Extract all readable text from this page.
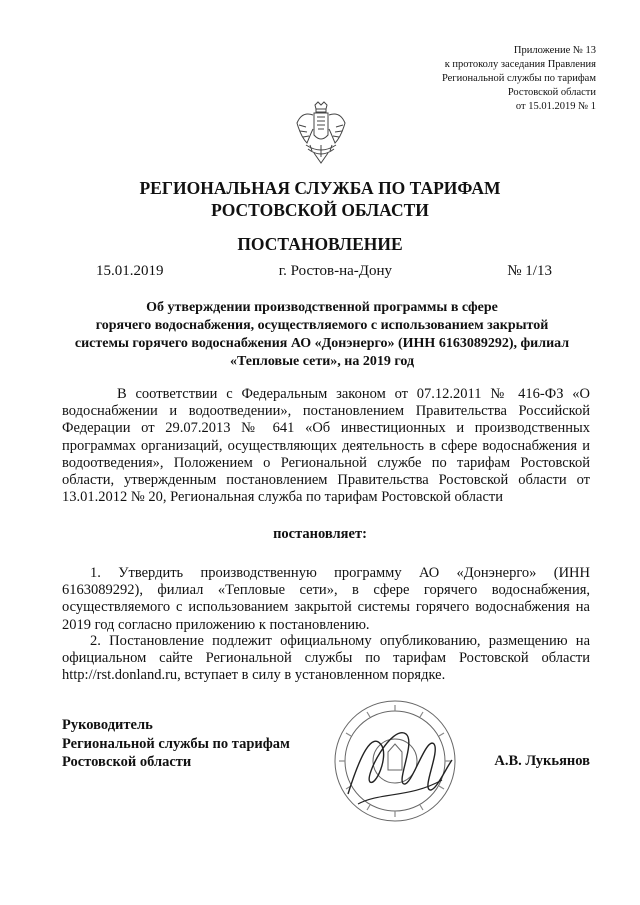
Приложение № 13
к протоколу заседания Правления
Региональной службы по тарифам
Ростовской области
от 15.01.2019 № 1
РЕГИОНАЛЬНАЯ СЛУЖБА ПО ТАРИФАМ
РОСТОВСКОЙ ОБЛАСТИ
ПОСТАНОВЛЕНИЕ
15.01.2019	г. Ростов-на-Дону	№ 1/13
Об утверждении производственной программы в сфере
горячего водоснабжения, осуществляемого с использованием закрытой
системы горячего водоснабжения АО «Донэнерго» (ИНН 6163089292), филиал
«Тепловые сети», на 2019 год
В соответствии с Федеральным законом от 07.12.2011 № 416-ФЗ «О водоснабжении и водоотведении», постановлением Правительства Российской Федерации от 29.07.2013 № 641 «Об инвестиционных и производственных программах организаций, осуществляющих деятельность в сфере водоснабжения и водоотведения», Положением о Региональной службе по тарифам Ростовской области, утвержденным постановлением Правительства Ростовской области от 13.01.2012 № 20, Региональная служба по тарифам Ростовской области
постановляет:
1. Утвердить производственную программу АО «Донэнерго» (ИНН 6163089292), филиал «Тепловые сети», в сфере горячего водоснабжения, осуществляемого с использованием закрытой системы горячего водоснабжения на 2019 год согласно приложению к постановлению.
2. Постановление подлежит официальному опубликованию, размещению на официальном сайте Региональной службы по тарифам Ростовской области http://rst.donland.ru, вступает в силу в установленном порядке.
Руководитель
Региональной службы по тарифам
Ростовской области	А.В. Лукьянов
